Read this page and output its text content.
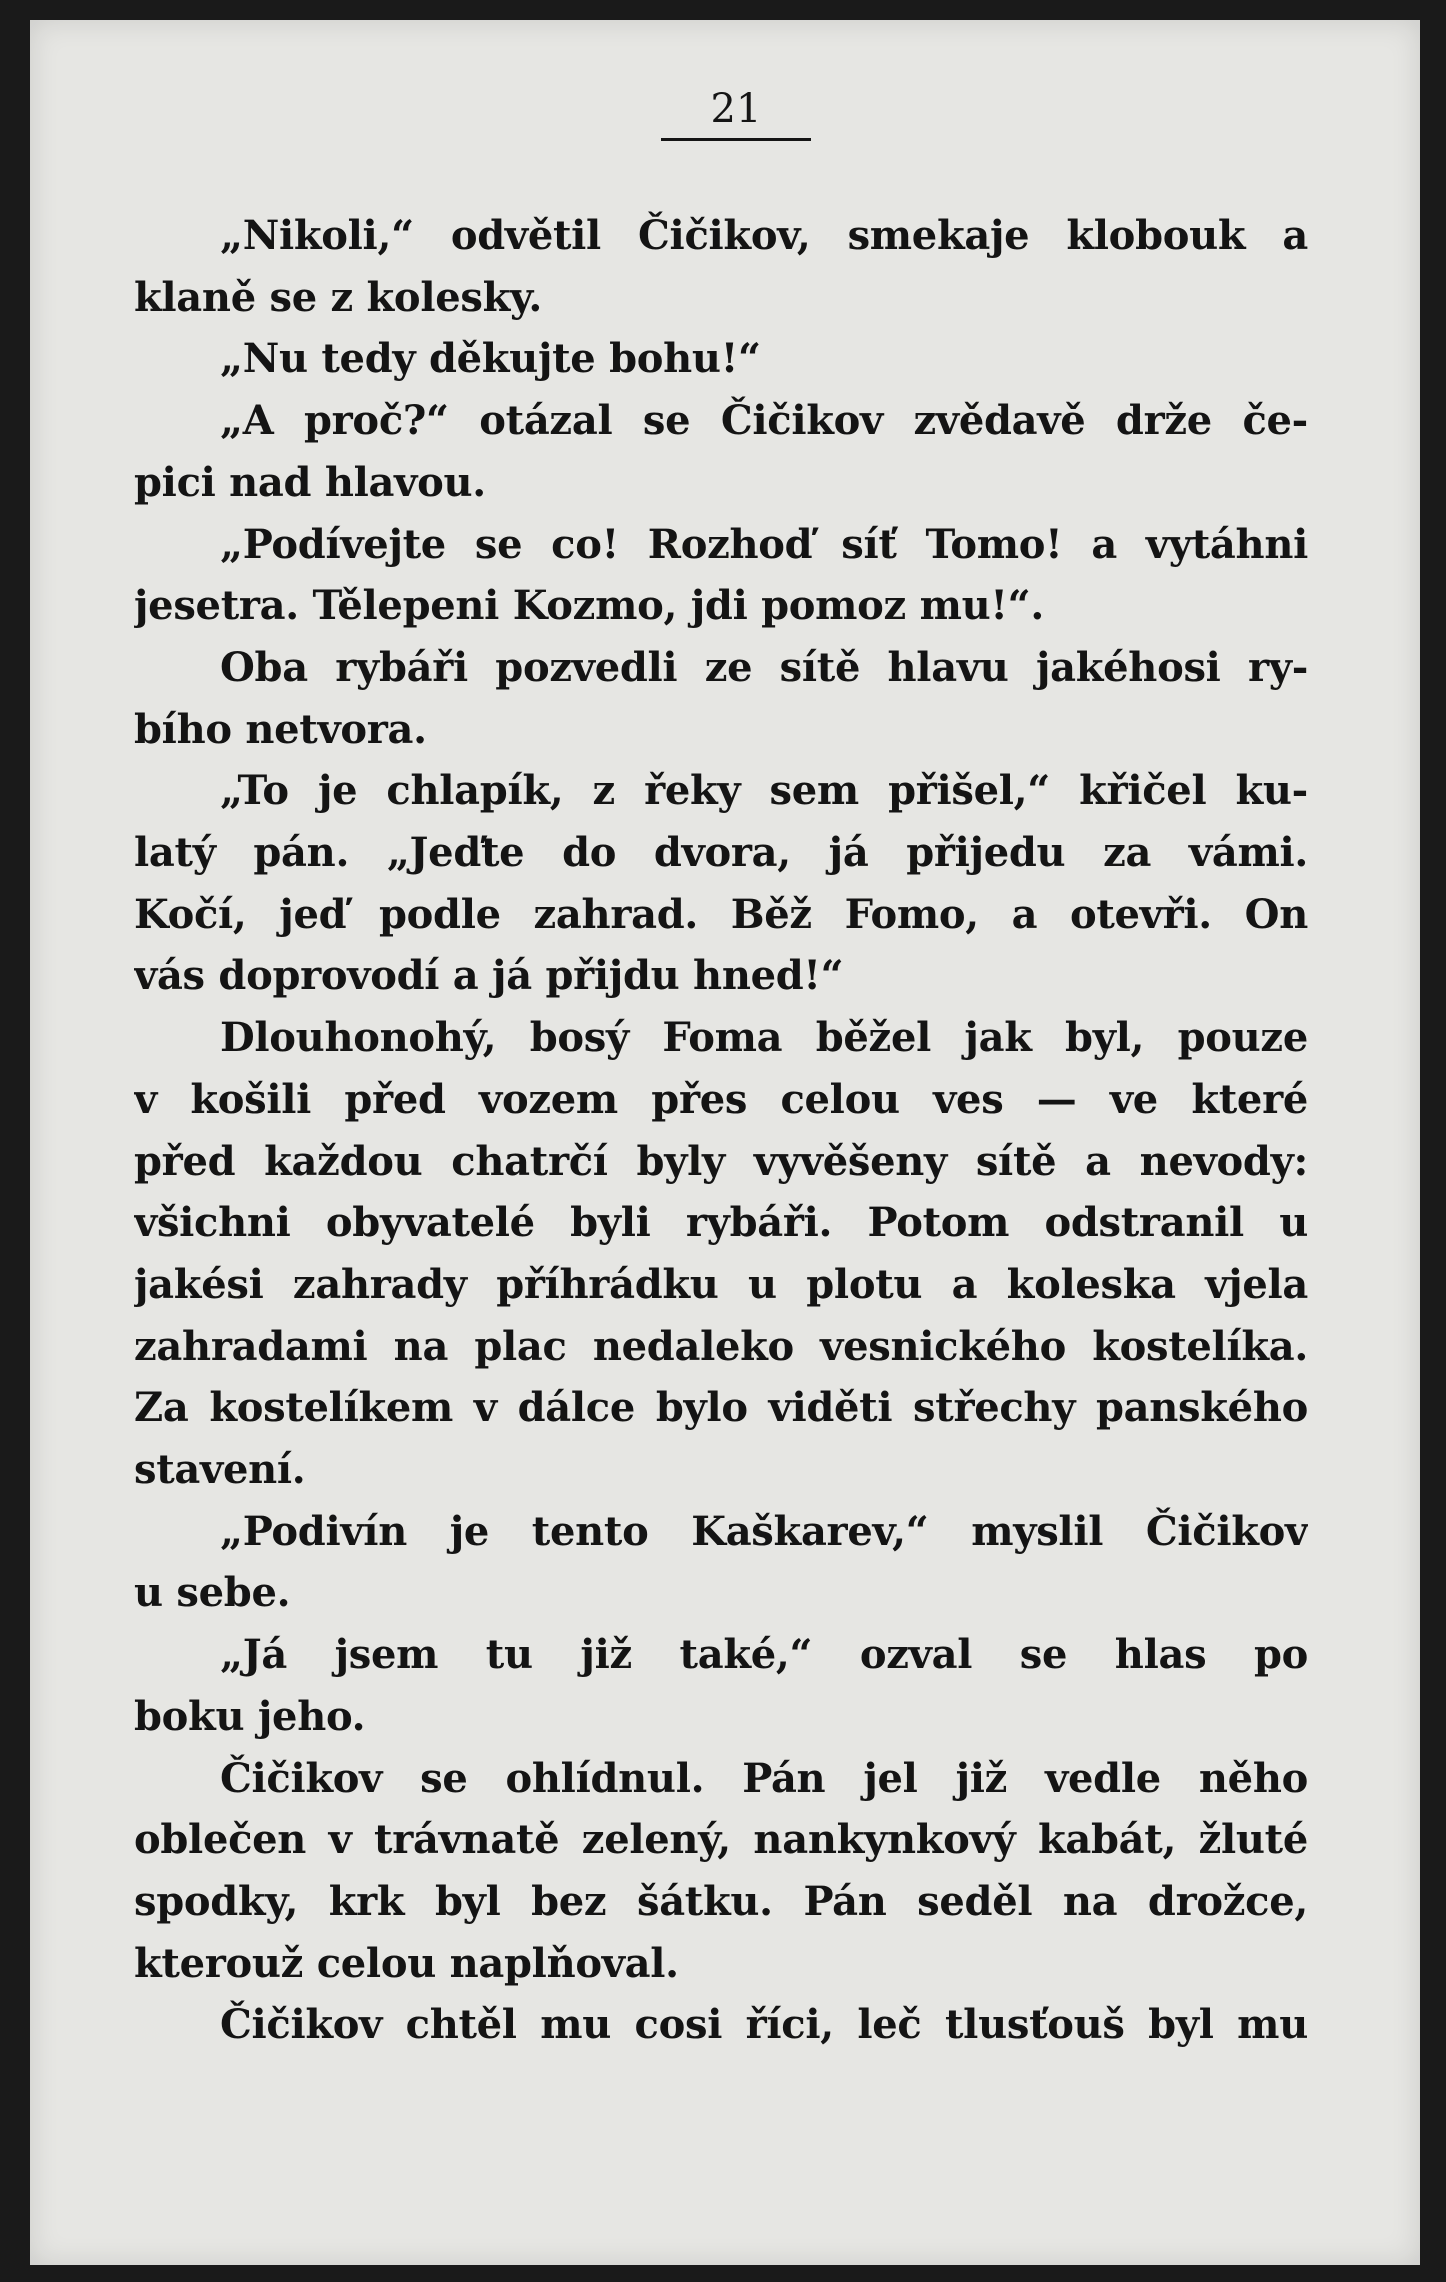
21
„Nikoli,“ odvětil Čičikov, smekaje klobouk a
klaně se z kolesky.
„Nu tedy děkujte bohu!“
„A proč?“ otázal se Čičikov zvědavě drže če-
pici nad hlavou.
„Podívejte se co! Rozhoď síť Tomo! a vytáhni
jesetra. Tělepeni Kozmo, jdi pomoz mu!“.
Oba rybáři pozvedli ze sítě hlavu jakéhosi ry-
bího netvora.
„To je chlapík, z řeky sem přišel,“ křičel ku-
latý pán. „Jeďte do dvora, já přijedu za vámi.
Kočí, jeď podle zahrad. Běž Fomo, a otevři. On
vás doprovodí a já přijdu hned!“
Dlouhonohý, bosý Foma běžel jak byl, pouze
v košili před vozem přes celou ves — ve které
před každou chatrčí byly vyvěšeny sítě a nevody:
všichni obyvatelé byli rybáři. Potom odstranil u
jakési zahrady příhrádku u plotu a koleska vjela
zahradami na plac nedaleko vesnického kostelíka.
Za kostelíkem v dálce bylo viděti střechy panského
stavení.
„Podivín je tento Kaškarev,“ myslil Čičikov
u sebe.
„Já jsem tu již také,“ ozval se hlas po
boku jeho.
Čičikov se ohlídnul. Pán jel již vedle něho
oblečen v trávnatě zelený, nankynkový kabát, žluté
spodky, krk byl bez šátku. Pán seděl na drožce,
kterouž celou naplňoval.
Čičikov chtěl mu cosi říci, leč tlusťouš byl mu
